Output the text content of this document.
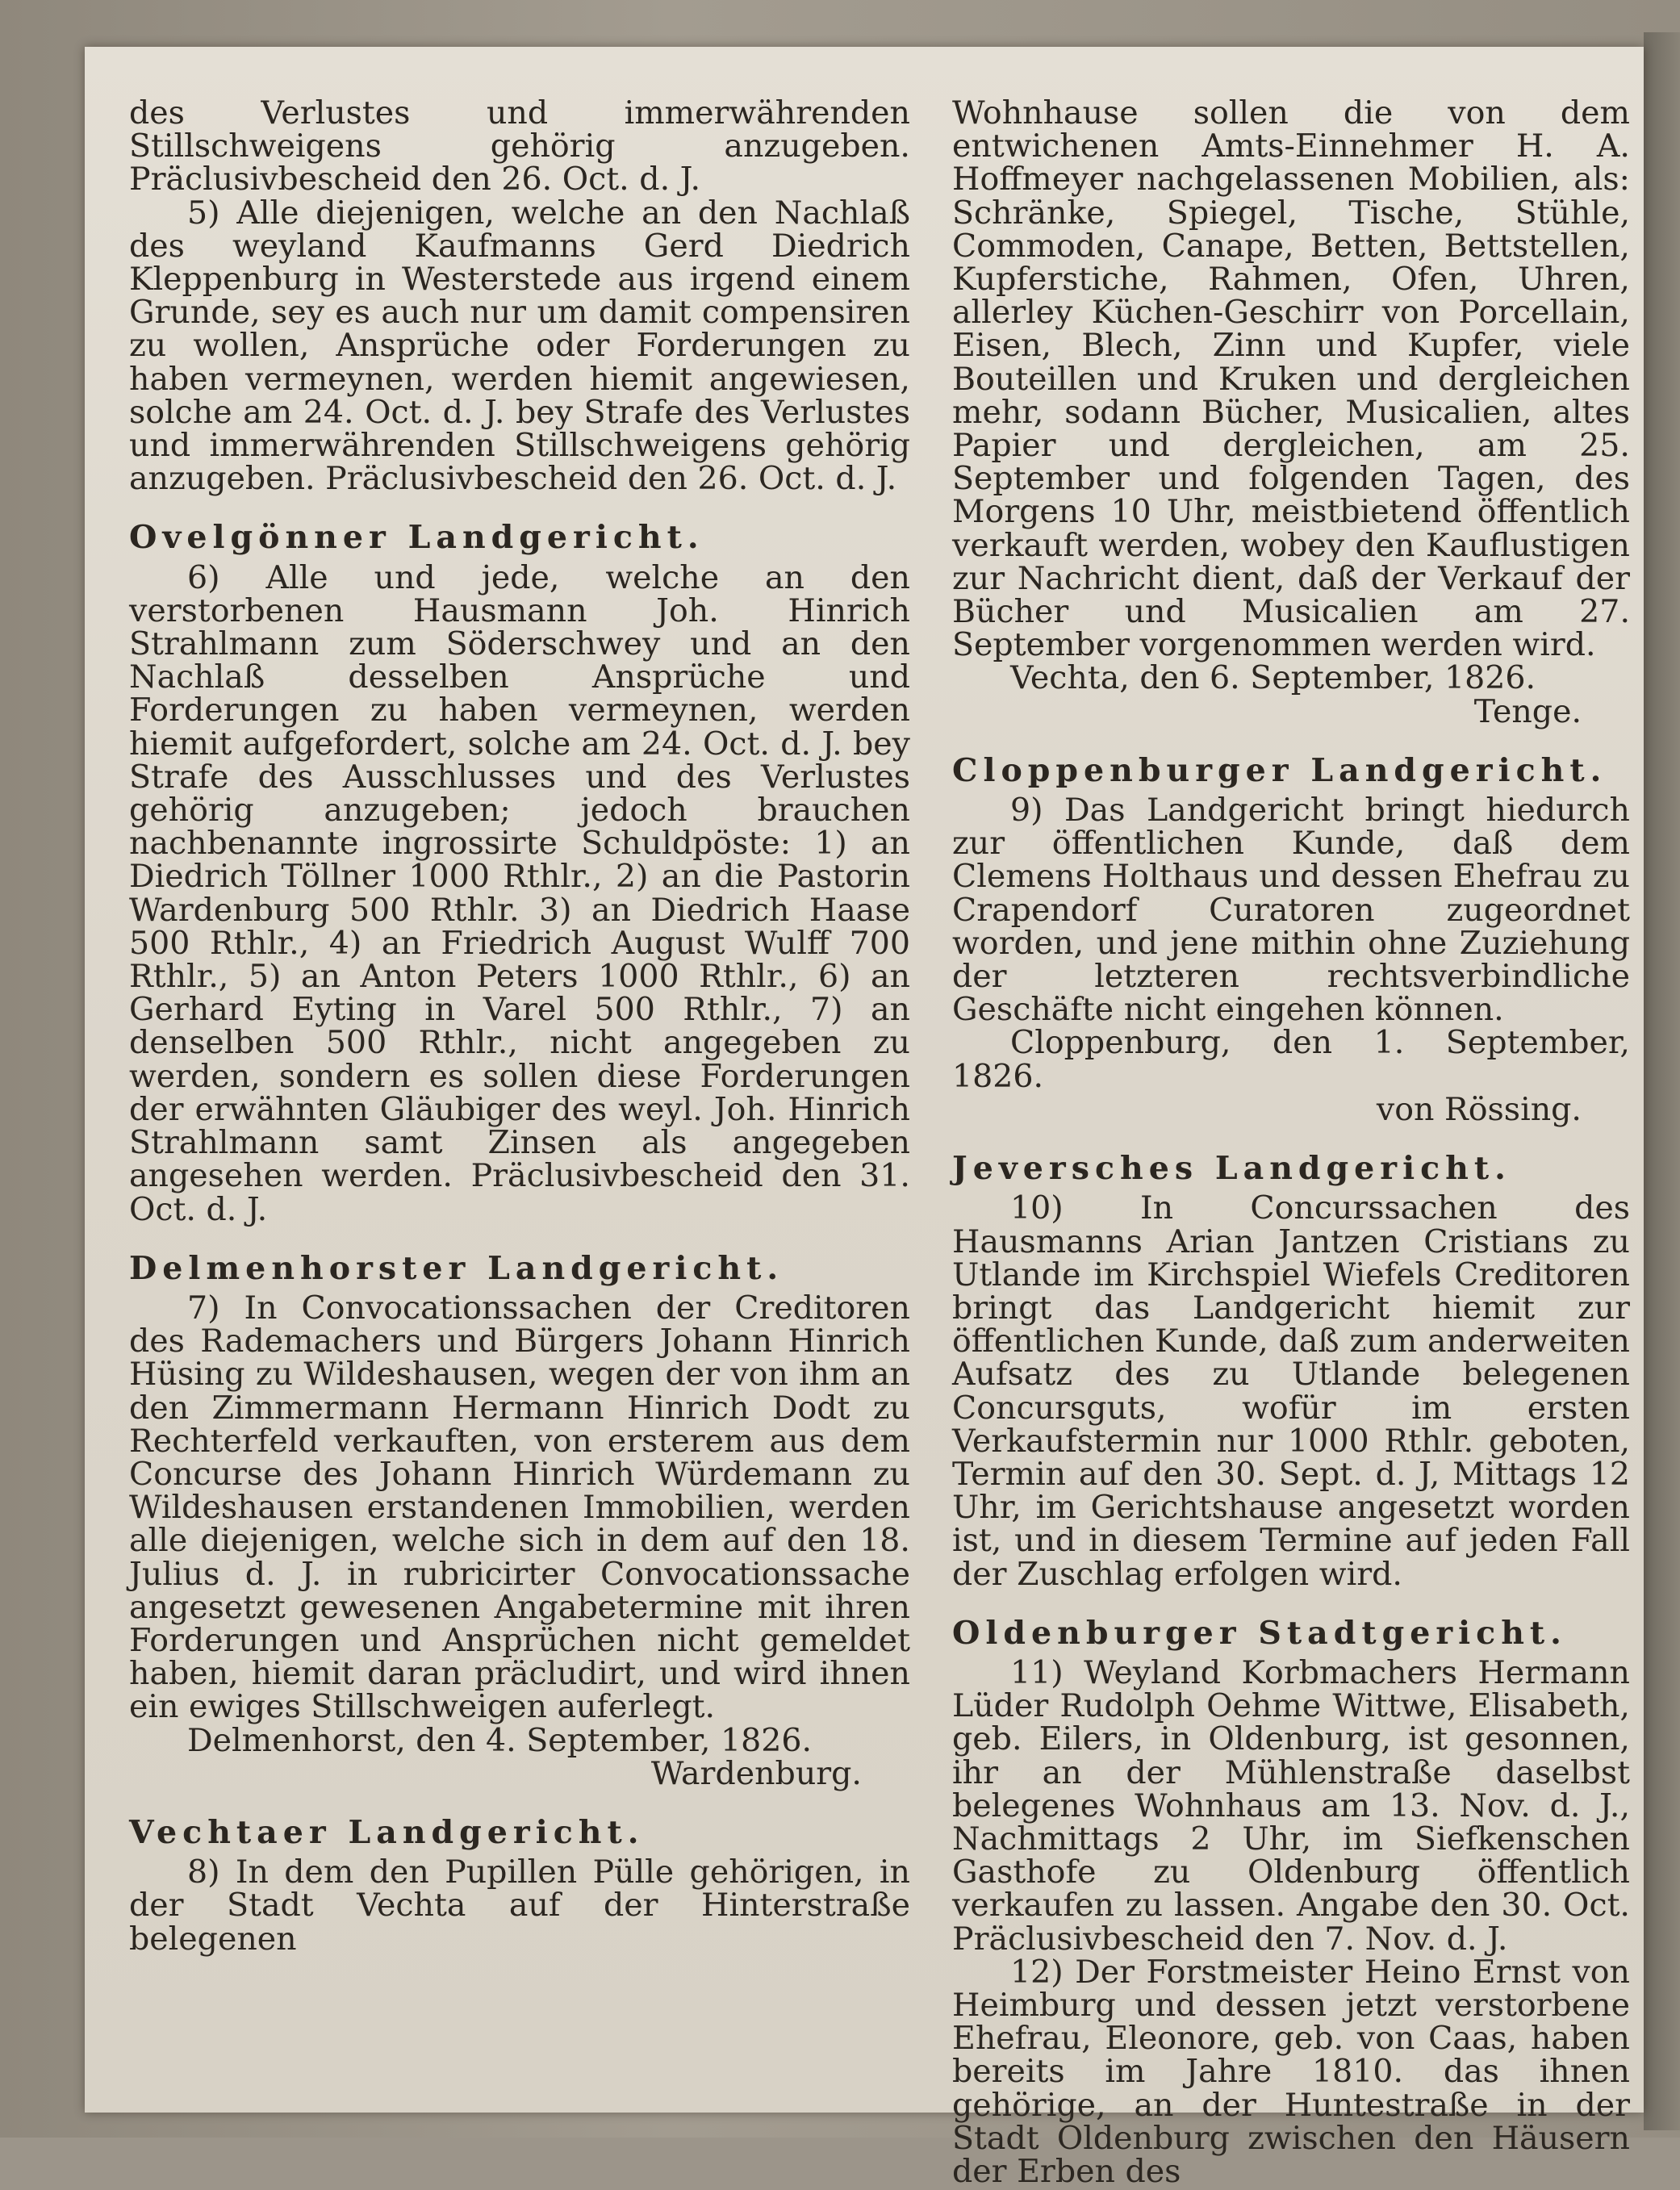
des Verlustes und immerwährenden Stillschweigens gehörig anzugeben. Präclusivbescheid den 26. Oct. d. J.

5) Alle diejenigen, welche an den Nachlaß des weyland Kaufmanns Gerd Diedrich Kleppenburg in Westerstede aus irgend einem Grunde, sey es auch nur um damit compensiren zu wollen, Ansprüche oder Forderungen zu haben vermeynen, werden hiemit angewiesen, solche am 24. Oct. d. J. bey Strafe des Verlustes und immerwährenden Stillschweigens gehörig anzugeben. Präclusivbescheid den 26. Oct. d. J.

Ovelgönner Landgericht.

6) Alle und jede, welche an den verstorbenen Hausmann Joh. Hinrich Strahlmann zum Söderschwey und an den Nachlaß desselben Ansprüche und Forderungen zu haben vermeynen, werden hiemit aufgefordert, solche am 24. Oct. d. J. bey Strafe des Ausschlusses und des Verlustes gehörig anzugeben; jedoch brauchen nachbenannte ingrossirte Schuldpöste: 1) an Diedrich Töllner 1000 Rthlr., 2) an die Pastorin Wardenburg 500 Rthlr. 3) an Diedrich Haase 500 Rthlr., 4) an Friedrich August Wulff 700 Rthlr., 5) an Anton Peters 1000 Rthlr., 6) an Gerhard Eyting in Varel 500 Rthlr., 7) an denselben 500 Rthlr., nicht angegeben zu werden, sondern es sollen diese Forderungen der erwähnten Gläubiger des weyl. Joh. Hinrich Strahlmann samt Zinsen als angegeben angesehen werden. Präclusivbescheid den 31. Oct. d. J.

Delmenhorster Landgericht.

7) In Convocationssachen der Creditoren des Rademachers und Bürgers Johann Hinrich Hüsing zu Wildeshausen, wegen der von ihm an den Zimmermann Hermann Hinrich Dodt zu Rechterfeld verkauften, von ersterem aus dem Concurse des Johann Hinrich Würdemann zu Wildeshausen erstandenen Immobilien, werden alle diejenigen, welche sich in dem auf den 18. Julius d. J. in rubricirter Convocationssache angesetzt gewesenen Angabetermine mit ihren Forderungen und Ansprüchen nicht gemeldet haben, hiemit daran präcludirt, und wird ihnen ein ewiges Stillschweigen auferlegt.

Delmenhorst, den 4. September, 1826.

Wardenburg.

Vechtaer Landgericht.

8) In dem den Pupillen Pülle gehörigen, in der Stadt Vechta auf der Hinterstraße belegenen

Wohnhause sollen die von dem entwichenen Amts-Einnehmer H. A. Hoffmeyer nachgelassenen Mobilien, als: Schränke, Spiegel, Tische, Stühle, Commoden, Canape, Betten, Bettstellen, Kupferstiche, Rahmen, Ofen, Uhren, allerley Küchen-Geschirr von Porcellain, Eisen, Blech, Zinn und Kupfer, viele Bouteillen und Kruken und dergleichen mehr, sodann Bücher, Musicalien, altes Papier und dergleichen, am 25. September und folgenden Tagen, des Morgens 10 Uhr, meistbietend öffentlich verkauft werden, wobey den Kauflustigen zur Nachricht dient, daß der Verkauf der Bücher und Musicalien am 27. September vorgenommen werden wird.

Vechta, den 6. September, 1826.

Tenge.

Cloppenburger Landgericht.

9) Das Landgericht bringt hiedurch zur öffentlichen Kunde, daß dem Clemens Holthaus und dessen Ehefrau zu Crapendorf Curatoren zugeordnet worden, und jene mithin ohne Zuziehung der letzteren rechtsverbindliche Geschäfte nicht eingehen können.

Cloppenburg, den 1. September, 1826.

von Rössing.

Jeversches Landgericht.

10) In Concurssachen des Hausmanns Arian Jantzen Cristians zu Utlande im Kirchspiel Wiefels Creditoren bringt das Landgericht hiemit zur öffentlichen Kunde, daß zum anderweiten Aufsatz des zu Utlande belegenen Concursguts, wofür im ersten Verkaufstermin nur 1000 Rthlr. geboten, Termin auf den 30. Sept. d. J, Mittags 12 Uhr, im Gerichtshause angesetzt worden ist, und in diesem Termine auf jeden Fall der Zuschlag erfolgen wird.

Oldenburger Stadtgericht.

11) Weyland Korbmachers Hermann Lüder Rudolph Oehme Wittwe, Elisabeth, geb. Eilers, in Oldenburg, ist gesonnen, ihr an der Mühlenstraße daselbst belegenes Wohnhaus am 13. Nov. d. J., Nachmittags 2 Uhr, im Siefkenschen Gasthofe zu Oldenburg öffentlich verkaufen zu lassen. Angabe den 30. Oct. Präclusivbescheid den 7. Nov. d. J.

12) Der Forstmeister Heino Ernst von Heimburg und dessen jetzt verstorbene Ehefrau, Eleonore, geb. von Caas, haben bereits im Jahre 1810. das ihnen gehörige, an der Huntestraße in der Stadt Oldenburg zwischen den Häusern der Erben des
